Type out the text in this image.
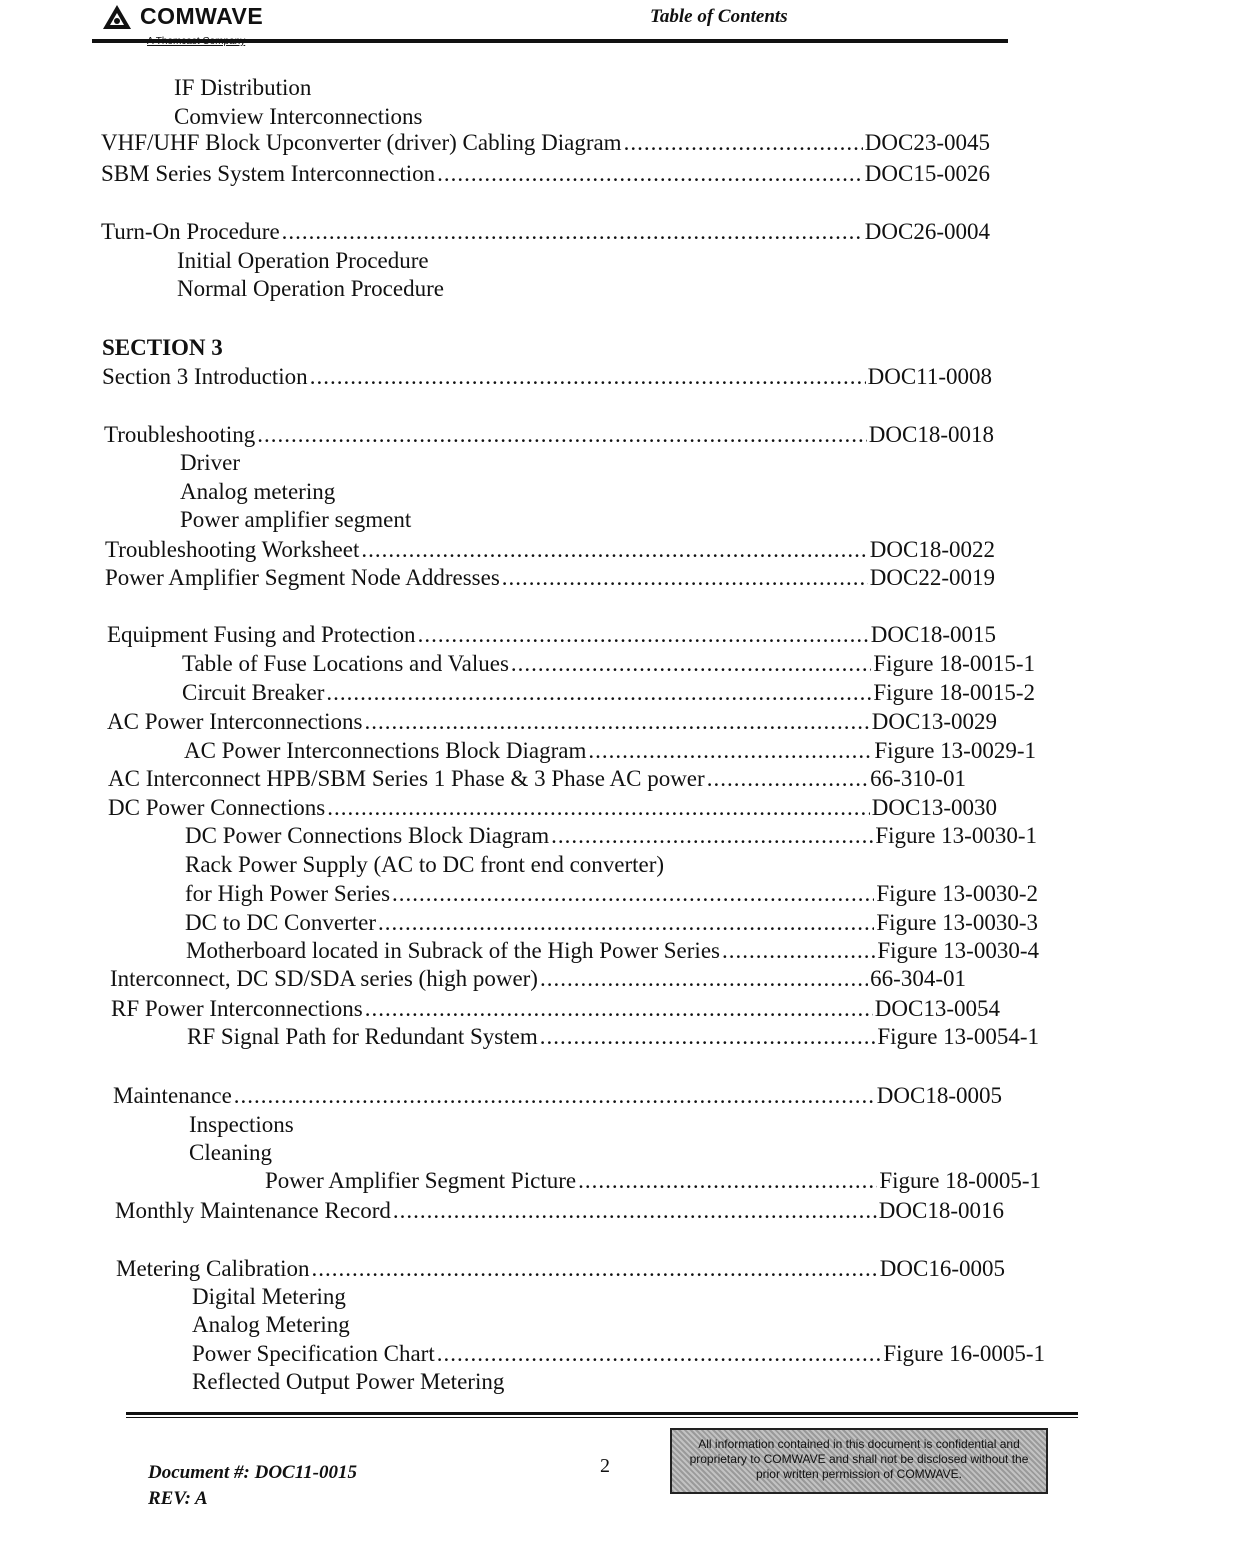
COMWAVE	Table of Contents
IF Distribution
Comview Interconnections
VHF/UHF Block Upconverter (driver) Cabling Diagram .....	DOC23-0045
SBM Series System Interconnection .....	DOC15-0026
Turn-On Procedure .....	DOC26-0004
Initial Operation Procedure
Normal Operation Procedure
SECTION 3
Section 3 Introduction .....	DOC11-0008
Troubleshooting .....	DOC18-0018
Driver
Analog metering
Power amplifier segment
Troubleshooting Worksheet .....	DOC18-0022
Power Amplifier Segment Node Addresses .....	DOC22-0019
Equipment Fusing and Protection .....	DOC18-0015
Table of Fuse Locations and Values .....	Figure 18-0015-1
Circuit Breaker .....	Figure 18-0015-2
AC Power Interconnections .....	DOC13-0029
AC Power Interconnections Block Diagram .....	Figure 13-0029-1
AC Interconnect HPB/SBM Series 1 Phase & 3 Phase AC power .....	66-310-01
DC Power Connections .....	DOC13-0030
DC Power Connections Block Diagram .....	Figure 13-0030-1
Rack Power Supply (AC to DC front end converter)
for High Power Series .....	Figure 13-0030-2
DC to DC Converter .....	Figure 13-0030-3
Motherboard located in Subrack of the High Power Series .....	Figure 13-0030-4
Interconnect, DC SD/SDA series (high power) .....	66-304-01
RF Power Interconnections .....	DOC13-0054
RF Signal Path for Redundant System .....	Figure 13-0054-1
Maintenance .....	DOC18-0005
Inspections
Cleaning
Power Amplifier Segment Picture .....	Figure 18-0005-1
Monthly Maintenance Record .....	DOC18-0016
Metering Calibration .....	DOC16-0005
Digital Metering
Analog Metering
Power Specification Chart .....	Figure 16-0005-1
Reflected Output Power Metering
Document #: DOC11-0015
REV: A
2
All information contained in this document is confidential and proprietary to COMWAVE and shall not be disclosed without the prior written permission of COMWAVE.
